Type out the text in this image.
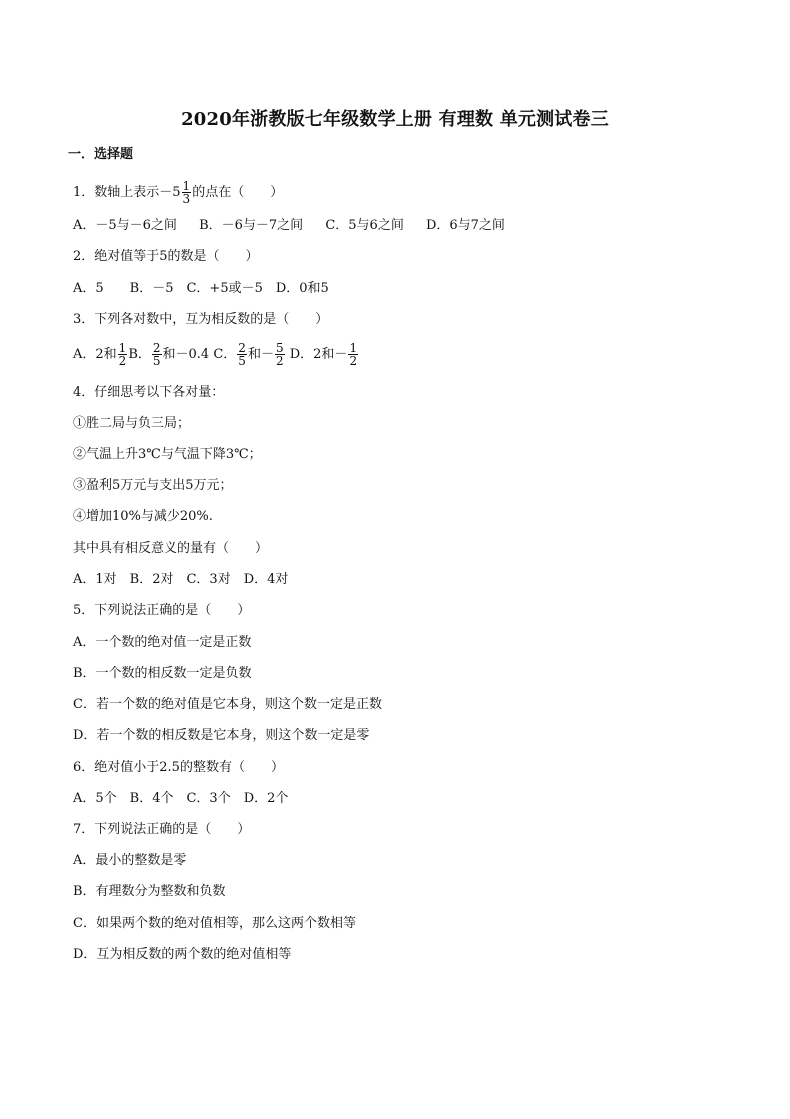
2020年浙教版七年级数学上册 有理数 单元测试卷三
一．选择题
1．数轴上表示$-5 \frac{1}{3}$ 的点在（　　）
A．－5与－6之间 B．－6与－7之间 C．5与6之间 D．6与7之间
2．绝对值等于5的数是（　　）
A．5　　B．－5　C．+5或－5　D．0和5
3．下列各对数中，互为相反数的是（　　）
A．2和 $\frac{1}{2}$ B． $\frac{2}{5}$ 和－0.4 C． $\frac{2}{5}$ 和－ $\frac{5}{2}$ D．2和－ $\frac{1}{2}$
4．仔细思考以下各对量：
①胜二局与负三局；
②气温上升3℃与气温下降3℃；
③盈利5万元与支出5万元；
④增加10%与减少20%.
其中具有相反意义的量有（　　）
A．1对　B．2对　C．3对　D．4对
5．下列说法正确的是（　　）
A．一个数的绝对值一定是正数
B．一个数的相反数一定是负数
C．若一个数的绝对值是它本身，则这个数一定是正数
D．若一个数的相反数是它本身，则这个数一定是零
6．绝对值小于2.5的整数有（　　）
A．5个　B．4个　C．3个　D．2个
7．下列说法正确的是（　　）
A．最小的整数是零
B．有理数分为整数和负数
C．如果两个数的绝对值相等，那么这两个数相等
D．互为相反数的两个数的绝对值相等
